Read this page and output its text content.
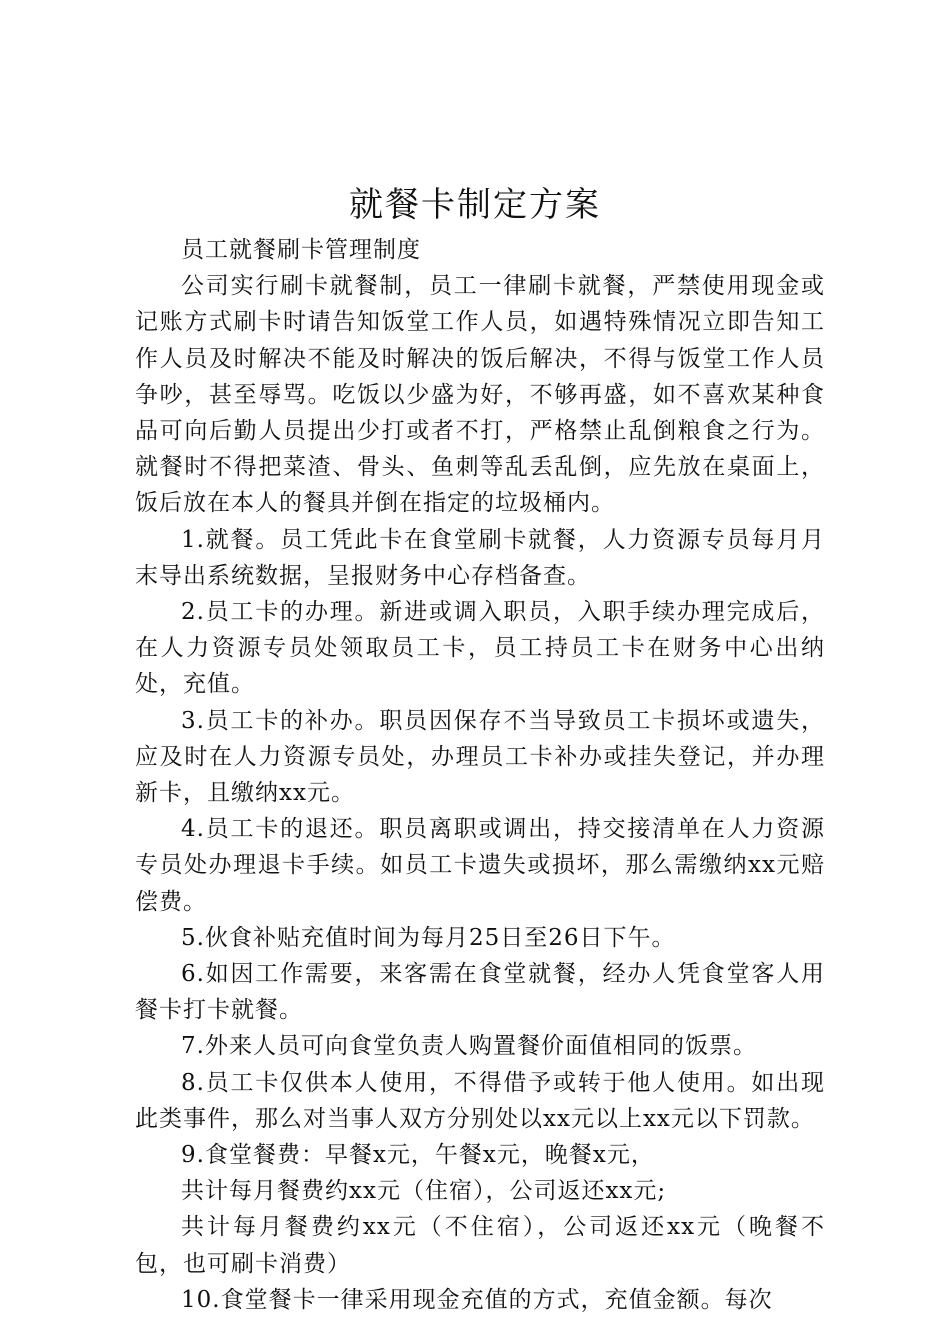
就餐卡制定方案

员工就餐刷卡管理制度

公司实行刷卡就餐制，员工一律刷卡就餐，严禁使用现金或记账方式刷卡时请告知饭堂工作人员，如遇特殊情况立即告知工作人员及时解决不能及时解决的饭后解决，不得与饭堂工作人员争吵，甚至辱骂。吃饭以少盛为好，不够再盛，如不喜欢某种食品可向后勤人员提出少打或者不打，严格禁止乱倒粮食之行为。就餐时不得把菜渣、骨头、鱼刺等乱丢乱倒，应先放在桌面上，饭后放在本人的餐具并倒在指定的垃圾桶内。

1.就餐。员工凭此卡在食堂刷卡就餐，人力资源专员每月月末导出系统数据，呈报财务中心存档备查。

2.员工卡的办理。新进或调入职员，入职手续办理完成后，在人力资源专员处领取员工卡，员工持员工卡在财务中心出纳处，充值。

3.员工卡的补办。职员因保存不当导致员工卡损坏或遗失，应及时在人力资源专员处，办理员工卡补办或挂失登记，并办理新卡，且缴纳xx元。

4.员工卡的退还。职员离职或调出，持交接清单在人力资源专员处办理退卡手续。如员工卡遗失或损坏，那么需缴纳xx元赔偿费。

5.伙食补贴充值时间为每月25日至26日下午。

6.如因工作需要，来客需在食堂就餐，经办人凭食堂客人用餐卡打卡就餐。

7.外来人员可向食堂负责人购置餐价面值相同的饭票。

8.员工卡仅供本人使用，不得借予或转于他人使用。如出现此类事件，那么对当事人双方分别处以xx元以上xx元以下罚款。

9.食堂餐费：早餐x元，午餐x元，晚餐x元，

共计每月餐费约xx元（住宿），公司返还xx元;

共计每月餐费约xx元（不住宿），公司返还xx元（晚餐不包，也可刷卡消费）

10.食堂餐卡一律采用现金充值的方式，充值金额。每次
